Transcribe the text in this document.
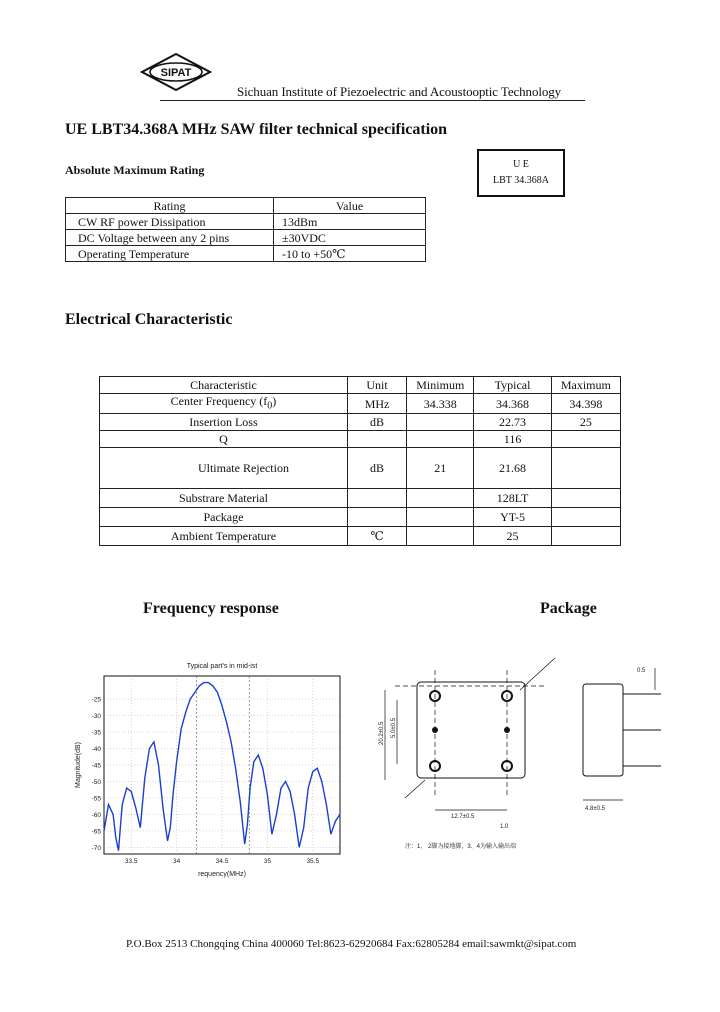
SIPAT
Sichuan Institute of Piezoelectric and Acoustooptic Technology
UE LBT34.368A MHz SAW filter technical specification
U E
LBT 34.368A
Absolute Maximum Rating
Rating	Value
CW RF power Dissipation	13dBm
DC Voltage between any 2 pins	±30VDC
Operating Temperature	-10 to +50℃
Electrical Characteristic
Characteristic	Unit	Minimum	Typical	Maximum
Center Frequency $(f_0)$	MHz	34.338	34.368	34.398
Insertion Loss	dB		22.73	25
Q			116	
Ultimate Rejection	dB	21	21.68	
Substrare Material			128LT	
Package			YT-5	
Ambient Temperature	℃		25	
Frequency response	Package
-25
-30
-35
-40
-45
-50
-55
-60
-65
-70
33.5	34	34.5	35	35.5
Typical part's in mid-ist
requency(MHz)
Magnitude(dB)
20.2±0.5 5.0±0.5
12.7±0.5
4.8±0.5
0.5
1.0
注：1、 2脚为接地脚，3、4为输入输出端
P.O.Box 2513 Chongqing China 400060 Tel:8623-62920684 Fax:62805284 email:sawmkt@sipat.com
